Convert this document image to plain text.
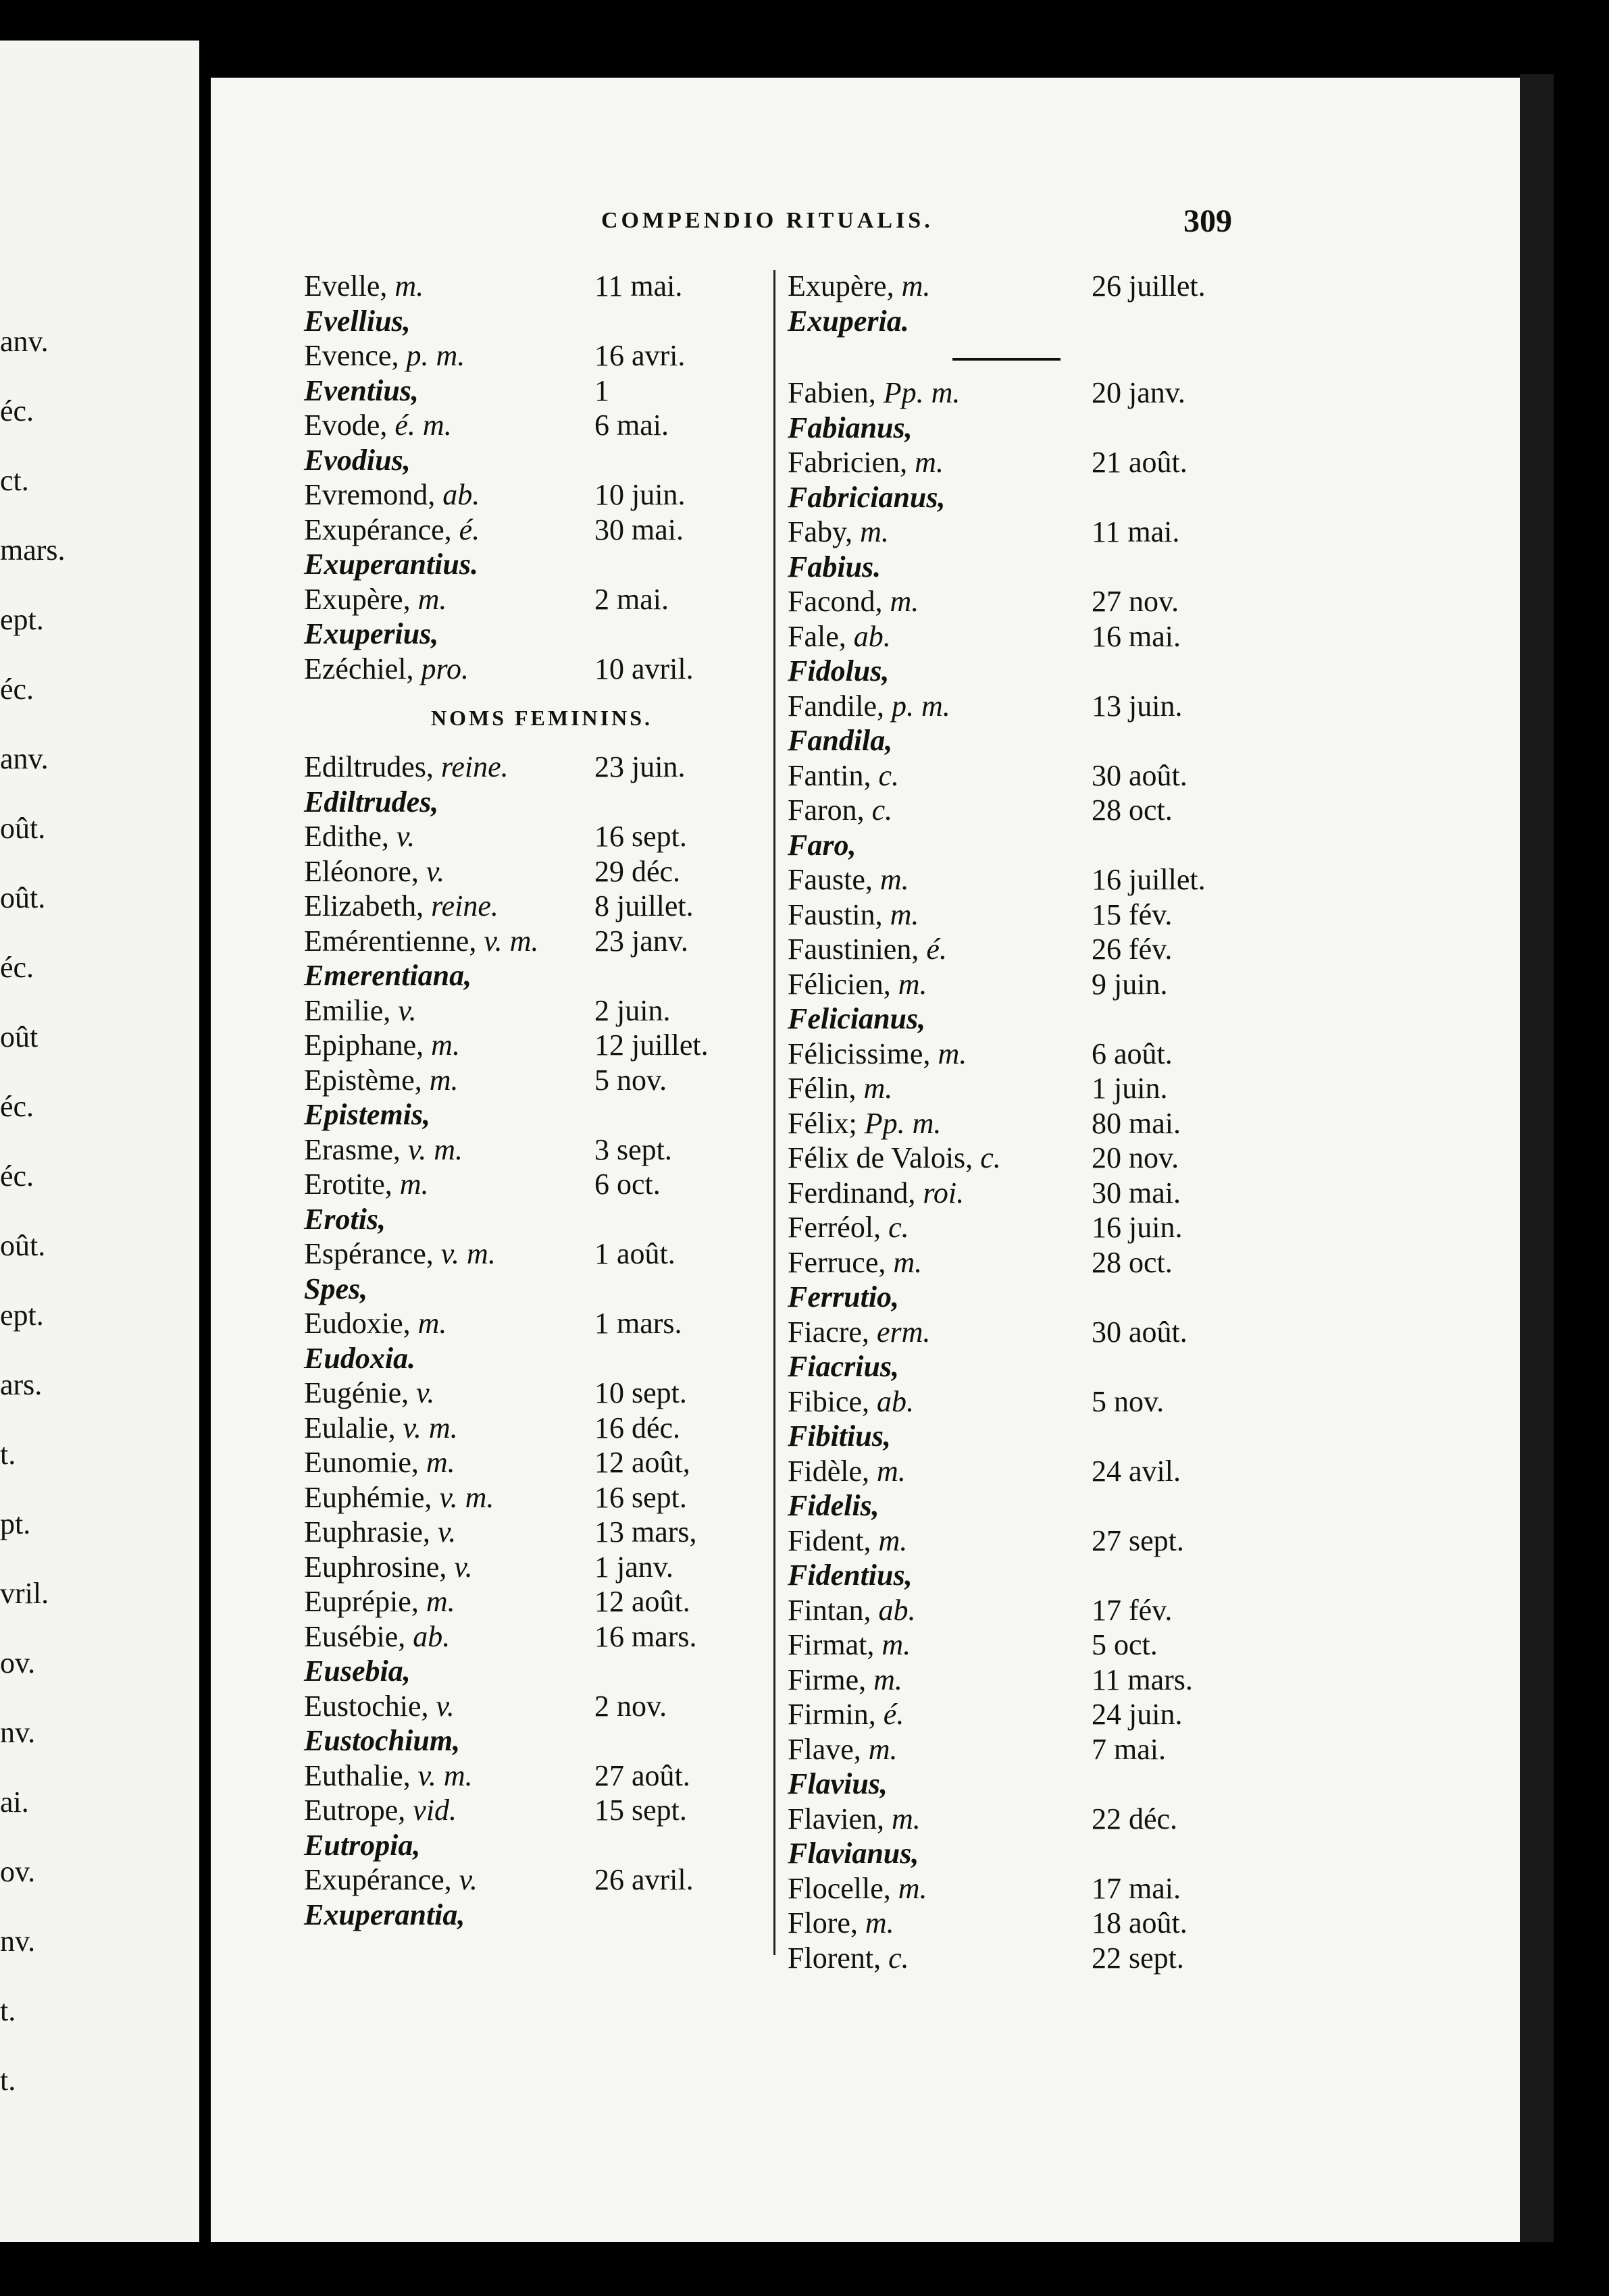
anv.
éc.
ct.
mars.
ept.
éc.
anv.
oût.
oût.
éc.
oût
éc.
éc.
oût.
ept.
ars.
t.
pt.
vril.
ov.
nv.
ai.
ov.
nv.
t.
t.
COMPENDIO RITUALIS.	309
NOMS FEMININS.
Evelle, m.	11 mai.
Evellius,
Evence, p. m.	16 avri.
Eventius,	1
Evode, é. m.	6 mai.
Evodius,
Evremond, ab.	10 juin.
Exupérance, é.	30 mai.
Exuperantius.
Exupère, m.	2 mai.
Exuperius,
Ezéchiel, pro.	10 avril.
Ediltrudes, reine.	23 juin.
Ediltrudes,
Edithe, v.	16 sept.
Eléonore, v.	29 déc.
Elizabeth, reine.	8 juillet.
Emérentienne, v. m. 23 janv.
Emerentiana,
Emilie, v.	2 juin.
Epiphane, m.	12 juillet.
Epistème, m.	5 nov.
Epistemis,
Erasme, v. m.	3 sept.
Erotite, m.	6 oct.
Erotis,
Espérance, v. m.	1 août.
Spes,
Eudoxie, m.	1 mars.
Eudoxia.
Eugénie, v.	10 sept.
Eulalie, v. m.	16 déc.
Eunomie, m.	12 août,
Euphémie, v. m.	16 sept.
Euphrasie, v.	13 mars,
Euphrosine, v.	1 janv.
Euprépie, m.	12 août.
Eusébie, ab.	16 mars.
Eusebia,
Eustochie, v.	2 nov.
Eustochium,
Euthalie, v. m.	27 août.
Eutrope, vid.	15 sept.
Eutropia,
Exupérance, v.	26 avril.
Exuperantia,
Exupère, m.	26 juillet.
Exuperia.
Fabien, Pp. m.	20 janv.
Fabianus,
Fabricien, m.	21 août.
Fabricianus,
Faby, m.	11 mai.
Fabius.
Facond, m.	27 nov.
Fale, ab.	16 mai.
Fidolus,
Fandile, p. m.	13 juin.
Fandila,
Fantin, c.	30 août.
Faron, c.	28 oct.
Faro,
Fauste, m.	16 juillet.
Faustin, m.	15 fév.
Faustinien, é.	26 fév.
Félicien, m.	9 juin.
Felicianus,
Félicissime, m.	6 août.
Félin, m.	1 juin.
Félix; Pp. m.	80 mai.
Félix de Valois, c.	20 nov.
Ferdinand, roi.	30 mai.
Ferréol, c.	16 juin.
Ferruce, m.	28 oct.
Ferrutio,
Fiacre, erm.	30 août.
Fiacrius,
Fibice, ab.	5 nov.
Fibitius,
Fidèle, m.	24 avil.
Fidelis,
Fident, m.	27 sept.
Fidentius,
Fintan, ab.	17 fév.
Firmat, m.	5 oct.
Firme, m.	11 mars.
Firmin, é.	24 juin.
Flave, m.	7 mai.
Flavius,
Flavien, m.	22 déc.
Flavianus,
Flocelle, m.	17 mai.
Flore, m.	18 août.
Florent, c.	22 sept.
